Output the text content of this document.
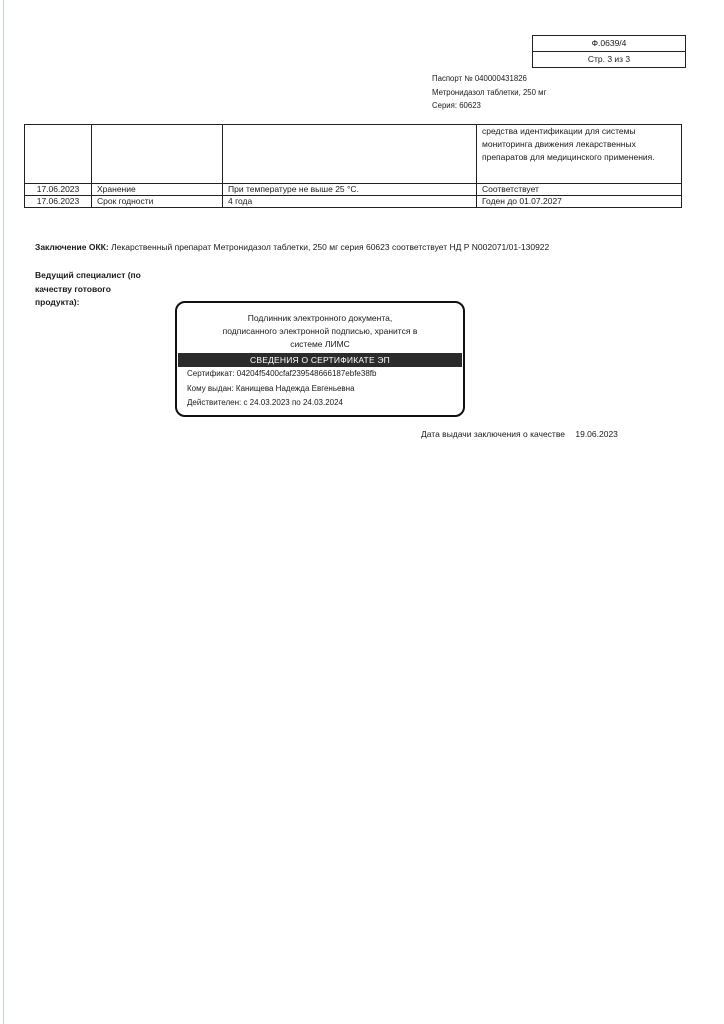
Ф.0639/4
Стр. 3 из 3
Паспорт № 040000431826
Метронидазол таблетки, 250 мг
Серия: 60623
			средства идентификации для системы мониторинга движения лекарственных препаратов для медицинского применения.
17.06.2023	Хранение	При температуре не выше 25 °С.	Соответствует
17.06.2023	Срок годности	4 года	Годен до 01.07.2027
Заключение ОКК: Лекарственный препарат Метронидазол таблетки, 250 мг серия 60623 соответствует НД Р N002071/01-130922
Ведущий специалист (по качеству готового продукта):
Подлинник электронного документа,
подписанного электронной подписью, хранится в
системе ЛИМС
СВЕДЕНИЯ О СЕРТИФИКАТЕ ЭП
Сертификат: 04204f5400cfaf239548666187ebfe38fb
Кому выдан: Канищева Надежда Евгеньевна
Действителен: с 24.03.2023 по 24.03.2024
Дата выдачи заключения о качестве 19.06.2023
